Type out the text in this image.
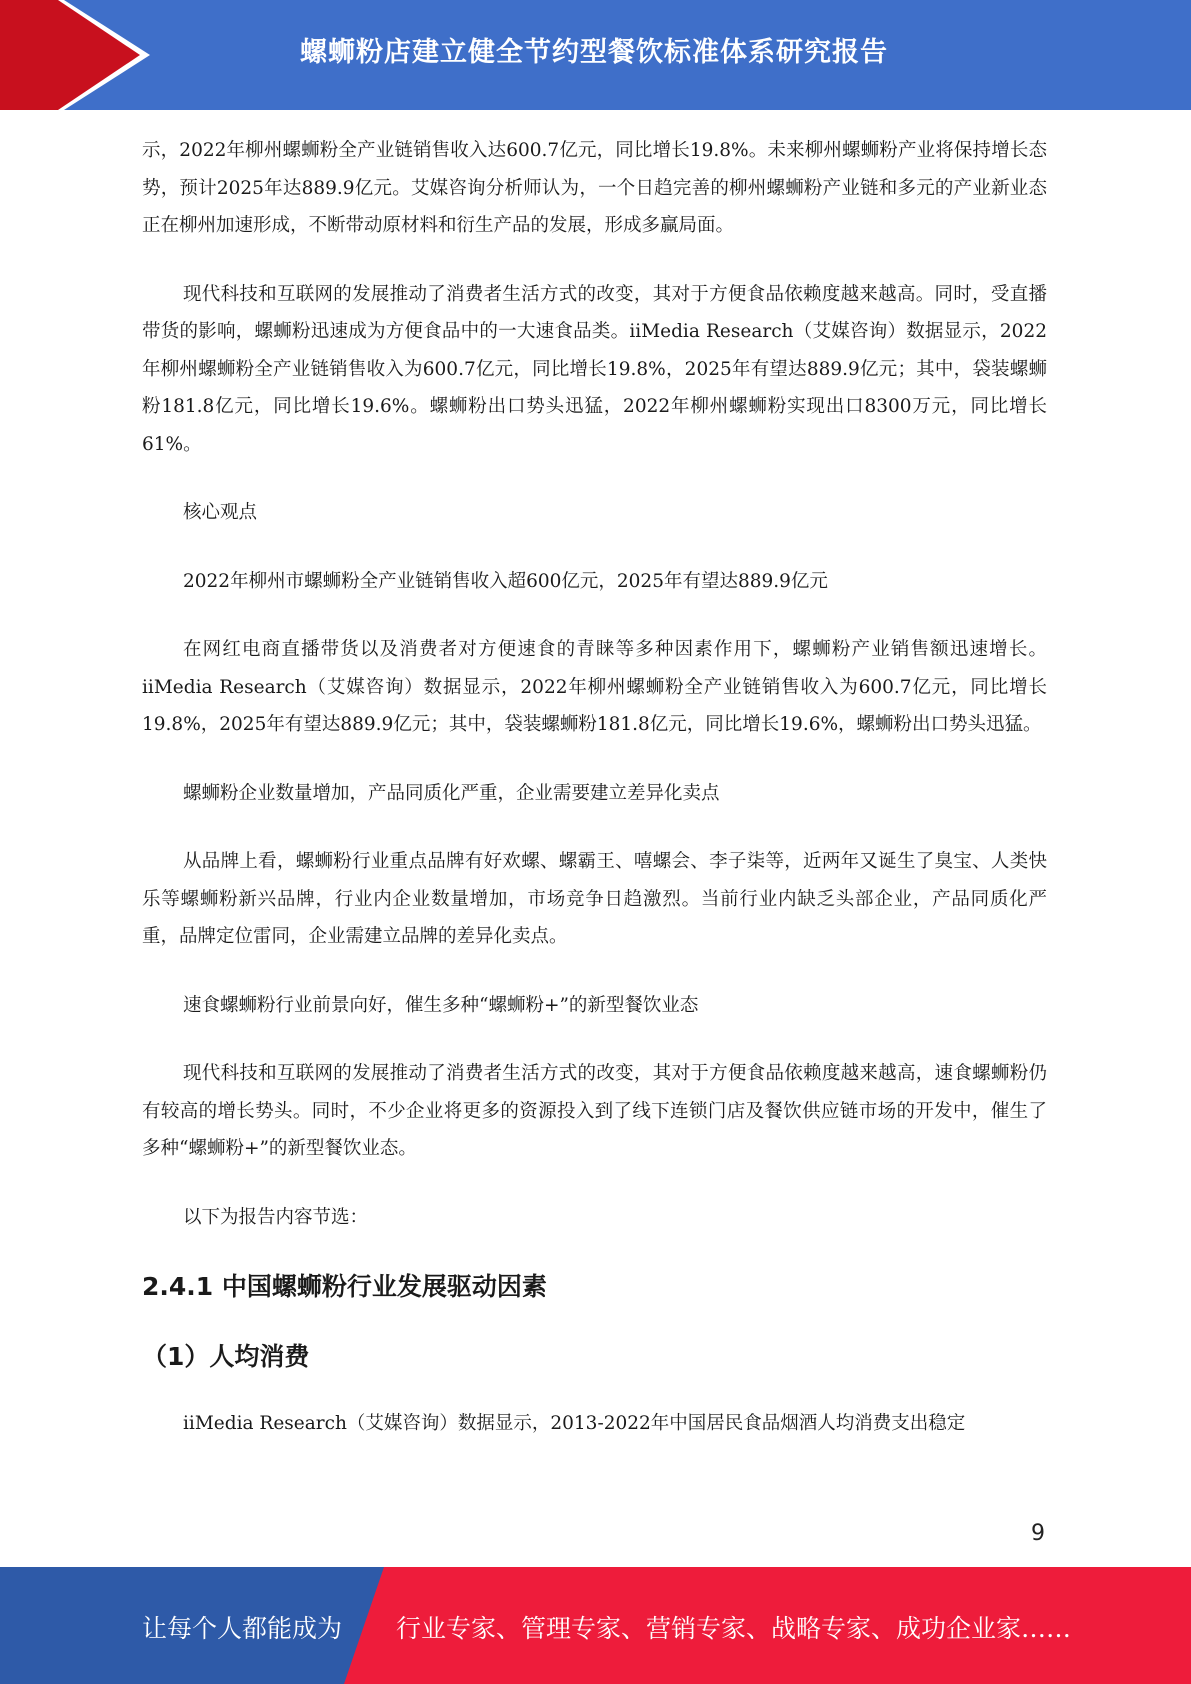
螺蛳粉店建立健全节约型餐饮标准体系研究报告

示，2022年柳州螺蛳粉全产业链销售收入达600.7亿元，同比增长19.8%。未来柳州螺蛳粉产业将保持增长态势，预计2025年达889.9亿元。艾媒咨询分析师认为，一个日趋完善的柳州螺蛳粉产业链和多元的产业新业态正在柳州加速形成，不断带动原材料和衍生产品的发展，形成多赢局面。

现代科技和互联网的发展推动了消费者生活方式的改变，其对于方便食品依赖度越来越高。同时，受直播带货的影响，螺蛳粉迅速成为方便食品中的一大速食品类。iiMedia Research（艾媒咨询）数据显示，2022年柳州螺蛳粉全产业链销售收入为600.7亿元，同比增长19.8%，2025年有望达889.9亿元；其中，袋装螺蛳粉181.8亿元，同比增长19.6%。螺蛳粉出口势头迅猛，2022年柳州螺蛳粉实现出口8300万元，同比增长61%。

核心观点

2022年柳州市螺蛳粉全产业链销售收入超600亿元，2025年有望达889.9亿元

在网红电商直播带货以及消费者对方便速食的青睐等多种因素作用下，螺蛳粉产业销售额迅速增长。iiMedia Research（艾媒咨询）数据显示，2022年柳州螺蛳粉全产业链销售收入为600.7亿元，同比增长19.8%，2025年有望达889.9亿元；其中，袋装螺蛳粉181.8亿元，同比增长19.6%，螺蛳粉出口势头迅猛。

螺蛳粉企业数量增加，产品同质化严重，企业需要建立差异化卖点

从品牌上看，螺蛳粉行业重点品牌有好欢螺、螺霸王、嘻螺会、李子柒等，近两年又诞生了臭宝、人类快乐等螺蛳粉新兴品牌，行业内企业数量增加，市场竞争日趋激烈。当前行业内缺乏头部企业，产品同质化严重，品牌定位雷同，企业需建立品牌的差异化卖点。

速食螺蛳粉行业前景向好，催生多种“螺蛳粉+”的新型餐饮业态

现代科技和互联网的发展推动了消费者生活方式的改变，其对于方便食品依赖度越来越高，速食螺蛳粉仍有较高的增长势头。同时，不少企业将更多的资源投入到了线下连锁门店及餐饮供应链市场的开发中，催生了多种“螺蛳粉+”的新型餐饮业态。

以下为报告内容节选：

2.4.1 中国螺蛳粉行业发展驱动因素
（1）人均消费

iiMedia Research（艾媒咨询）数据显示，2013-2022年中国居民食品烟酒人均消费支出稳定

9
让每个人都能成为 行业专家、管理专家、营销专家、战略专家、成功企业家……
